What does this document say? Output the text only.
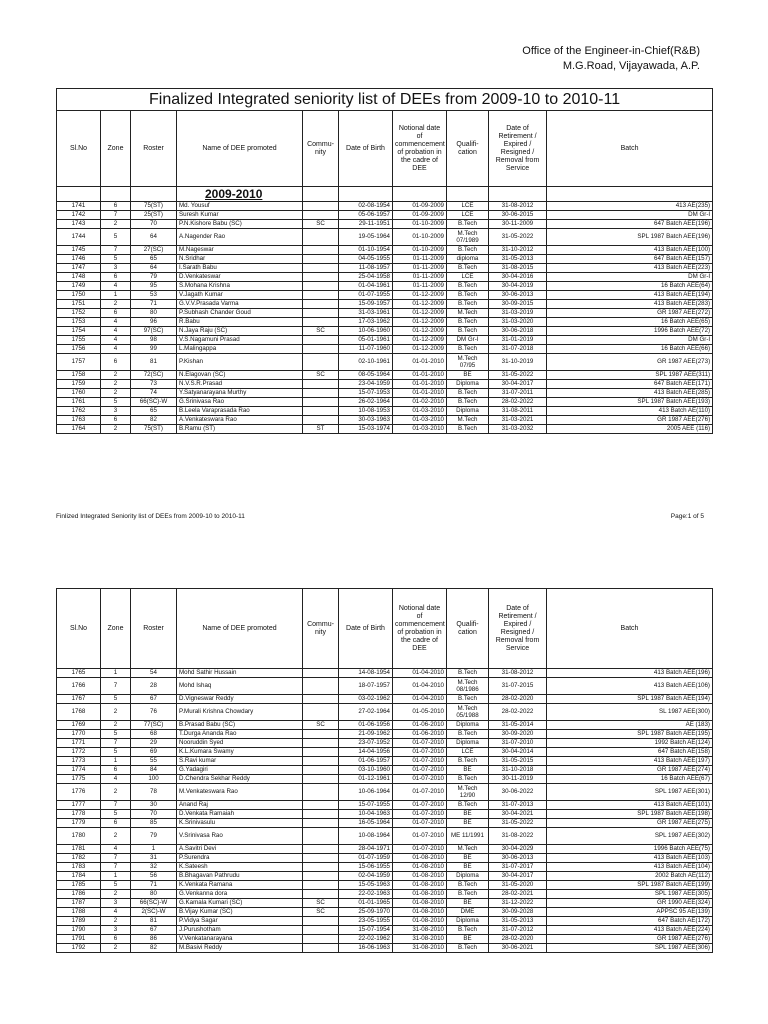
Office of the Engineer-in-Chief(R&B)
M.G.Road, Vijayawada, A.P.
Finalized Integrated seniority list of DEEs from 2009-10 to 2010-11									
Sl.No	Zone	Roster	Name of DEE promoted	Commu-nity	Date of Birth	Notional date of commencement of probation in the cadre of DEE	Qualifi-cation	Date of Retirement / Expired / Resigned / Removal from Service	Batch
			2009-2010						
1741	6	75(ST)	Md. Yousuf		02-08-1954	01-09-2009	LCE	31-08-2012	413 AE(235)
1742	7	25(ST)	Suresh Kumar		05-06-1957	01-09-2009	LCE	30-06-2015	DM Gr-I
1743	2	70	P.N.Kishore Babu (SC)	SC	29-11-1951	01-10-2009	B.Tech	30-11-2009	647 Batch AEE(196)
1744	5	64	A.Nagender Rao		19-05-1964	01-10-2009	M.Tech 07/1989	31-05-2022	SPL 1987 Batch AEE(196)
1745	7	27(SC)	M.Nageswar		01-10-1954	01-10-2009	B.Tech	31-10-2012	413 Batch AEE(100)
1746	5	65	N.Sridhar		04-05-1955	01-11-2009	diploma	31-05-2013	647 Batch AEE(157)
1747	3	64	I.Sarath Babu		11-08-1957	01-11-2009	B.Tech	31-08-2015	413 Batch AEE(223)
1748	6	79	D.Venkateswar		25-04-1958	01-11-2009	LCE	30-04-2016	DM Gr-I
1749	4	95	S.Mohana Krishna		01-04-1961	01-11-2009	B.Tech	30-04-2019	16 Batch AEE(64)
1750	1	53	V.Jagath Kumar		01-07-1955	01-12-2009	B.Tech	30-06-2013	413 Batch AEE(194)
1751	2	71	G.V.V.Prasada Varma		15-09-1957	01-12-2009	B.Tech	30-09-2015	413 Batch AEE(283)
1752	6	80	P.Subhash Chander Goud		31-03-1961	01-12-2009	M.Tech	31-03-2019	GR 1987 AEE(272)
1753	4	96	R.Babu		17-03-1962	01-12-2009	B.Tech	31-03-2020	16 Batch AEE(65)
1754	4	97(SC)	N.Jaya Raju (SC)	SC	10-06-1960	01-12-2009	B.Tech	30-06-2018	1996 Batch AEE(72)
1755	4	98	V.S.Nagamuni Prasad		05-01-1961	01-12-2009	DM Gr-I	31-01-2019	DM Gr-I
1756	4	99	L.Malingappa		11-07-1960	01-12-2009	B.Tech	31-07-2018	16 Batch AEE(66)
1757	6	81	P.Kishan		02-10-1961	01-01-2010	M.Tech 07/95	31-10-2019	GR 1987 AEE(273)
1758	2	72(SC)	N.Elagovan (SC)	SC	08-05-1964	01-01-2010	BE	31-05-2022	SPL 1987 AEE(311)
1759	2	73	N.V.S.R.Prasad		23-04-1959	01-01-2010	Diploma	30-04-2017	647 Batch AEE(171)
1760	2	74	Y.Satyanarayana Murthy		15-07-1953	01-01-2010	B.Tech	31-07-2011	413 Batch AEE(285)
1761	5	66(SC)-W	G.Srinivasa Rao		26-02-1964	01-02-2010	B.Tech	28-02-2022	SPL 1987 Batch AEE(193)
1762	3	65	B.Leela Varaprasada Rao		10-08-1953	01-03-2010	Diploma	31-08-2011	413 Batch AE(110)
1763	6	82	A.Venkateswara Rao		30-03-1963	01-03-2010	M.Tech	31-03-2021	GR 1987 AEE(276)
1764	2	75(ST)	B.Ramu (ST)	ST	15-03-1974	01-03-2010	B.Tech	31-03-2032	2005 AEE (116)
Finlized Integrated Seniority list of DEEs from 2009-10 to 2010-11	Page:1 of 5
Sl.No	Zone	Roster	Name of DEE promoted	Commu-nity	Date of Birth	Notional date of commencement of probation in the cadre of DEE	Qualifi-cation	Date of Retirement / Expired / Resigned / Removal from Service	Batch
1765	1	54	Mohd Sathir Hussain		14-08-1954	01-04-2010	B.Tech	31-08-2012	413 Batch AEE(196)
1766	7	28	Mohd Ishaq		18-07-1957	01-04-2010	M.Tech 08/1986	31-07-2015	413 Batch AEE(106)
1767	5	67	D.Vigneswar Reddy		03-02-1962	01-04-2010	B.Tech	28-02-2020	SPL 1987 Batch AEE(194)
1768	2	76	P.Murali Krishna Chowdary		27-02-1964	01-05-2010	M.Tech 05/1988	28-02-2022	SL 1987 AEE(300)
1769	2	77(SC)	B.Prasad Babu (SC)	SC	01-06-1956	01-06-2010	Diploma	31-05-2014	AE (183)
1770	5	68	T.Durga Ananda Rao		21-09-1962	01-06-2010	B.Tech	30-09-2020	SPL 1987 Batch AEE(195)
1771	7	29	Nooruddin Syed		23-07-1952	01-07-2010	Diploma	31-07-2010	1992 Batch AE(124)
1772	5	69	K.L.Kumara Swamy		14-04-1956	01-07-2010	LCE	30-04-2014	647 Batch AE(158)
1773	1	55	S.Ravi kumar		01-06-1957	01-07-2010	B.Tech	31-05-2015	413 Batch AEE(197)
1774	6	84	G.Yadagiri		03-10-1960	01-07-2010	BE	31-10-2018	GR 1987 AEE(274)
1775	4	100	D.Chendra Sekhar Reddy		01-12-1961	01-07-2010	B.Tech	30-11-2019	16 Batch AEE(67)
1776	2	78	M.Venkateswara Rao		10-06-1964	01-07-2010	M.Tech 12/90	30-06-2022	SPL 1987 AEE(301)
1777	7	30	Anand Raj		15-07-1955	01-07-2010	B.Tech	31-07-2013	413 Batch AEE(101)
1778	5	70	D.Venkata Ramaiah		10-04-1963	01-07-2010	BE	30-04-2021	SPL 1987 Batch AEE(198)
1779	6	85	K.Srinivasulu		16-05-1964	01-07-2010	BE	31-05-2022	GR 1987 AEE(275)
1780	2	79	V.Srinivasa Rao		10-08-1964	01-07-2010	ME 11/1991	31-08-2022	SPL 1987 AEE(302)
1781	4	1	A.Savitri Devi		28-04-1971	01-07-2010	M.Tech	30-04-2029	1996 Batch AEE(75)
1782	7	31	P.Surendra		01-07-1959	01-08-2010	BE	30-06-2013	413 Batch AEE(103)
1783	7	32	K.Sateesh		15-06-1955	01-08-2010	BE	31-07-2017	413 Batch AEE(104)
1784	1	56	B.Bhagavan Pathrudu		02-04-1959	01-08-2010	Diploma	30-04-2017	2002 Batch AE(112)
1785	5	71	K.Venkata Ramana		15-05-1963	01-08-2010	B.Tech	31-05-2020	SPL 1987 Batch AEE(199)
1786	2	80	G.Venkanna dora		22-02-1963	01-08-2010	B.Tech	28-02-2021	SPL 1987 AEE(305)
1787	3	66(SC)-W	G.Kamala Kumari (SC)	SC	01-01-1965	01-08-2010	BE	31-12-2022	GR 1990 AEE(324)
1788	4	2(SC)-W	B.Vijay Kumar (SC)	SC	25-09-1970	01-08-2010	DME	30-09-2028	APPSC 95 AE(139)
1789	2	81	P.Vidya Sagar		23-05-1955	01-08-2010	Diploma	31-05-2013	647 Batch AE(172)
1790	3	67	J.Purushotham		15-07-1954	31-08-2010	B.Tech	31-07-2012	413 Batch AEE(224)
1791	6	86	V.Venkatanarayana		22-02-1962	31-08-2010	BE	28-02-2020	GR 1987 AEE(276)
1792	2	82	M.Basivi Reddy		16-06-1963	31-08-2010	B.Tech	30-06-2021	SPL 1987 AEE(306)
